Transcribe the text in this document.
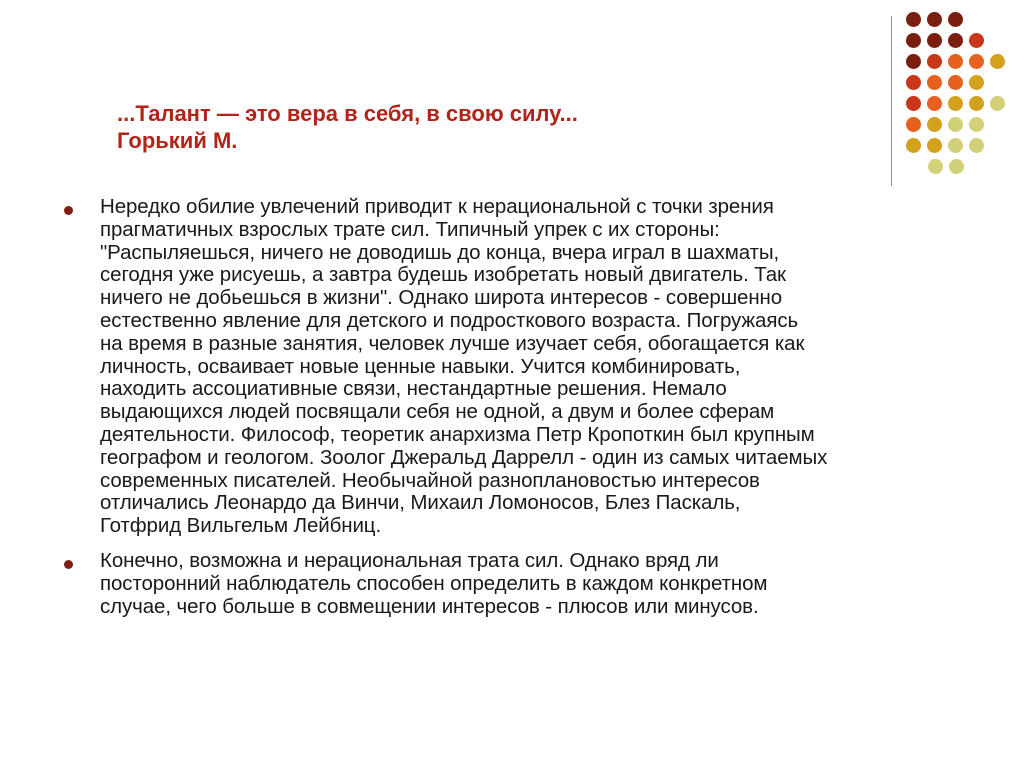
...Талант — это вера в себя, в свою силу...
Горький М.
Нередко обилие увлечений приводит к нерациональной с точки зрения
прагматичных взрослых трате сил. Типичный упрек с их стороны:
"Распыляешься, ничего не доводишь до конца, вчера играл в шахматы,
сегодня уже рисуешь, а завтра будешь изобретать новый двигатель. Так
ничего не добьешься в жизни". Однако широта интересов - совершенно
естественно явление для детского и подросткового возраста. Погружаясь
на время в разные занятия, человек лучше изучает себя, обогащается как
личность, осваивает новые ценные навыки. Учится комбинировать,
находить ассоциативные связи, нестандартные решения. Немало
выдающихся людей посвящали себя не одной, а двум и более сферам
деятельности. Философ, теоретик анархизма Петр Кропоткин был крупным
географом и геологом. Зоолог Джеральд Даррелл - один из самых читаемых
современных писателей. Необычайной разноплановостью интересов
отличались Леонардо да Винчи, Михаил Ломоносов, Блез Паскаль,
Готфрид Вильгельм Лейбниц.
Конечно, возможна и нерациональная трата сил. Однако вряд ли
посторонний наблюдатель способен определить в каждом конкретном
случае, чего больше в совмещении интересов - плюсов или минусов.
